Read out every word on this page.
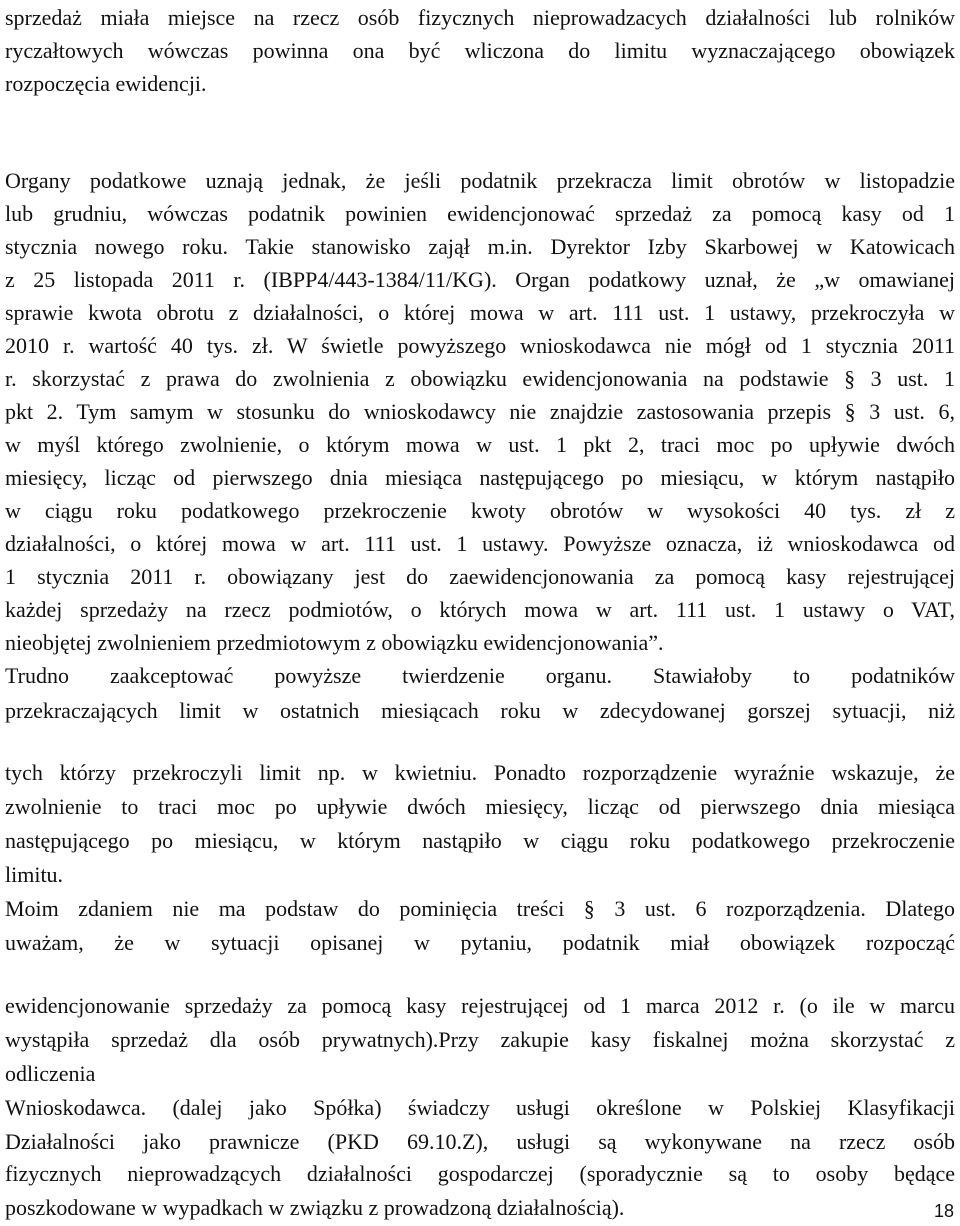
sprzedaż miała miejsce na rzecz osób fizycznych nieprowadzacych działalności lub rolników
ryczałtowych wówczas powinna ona być wliczona do limitu wyznaczającego obowiązek
rozpoczęcia ewidencji.
Organy podatkowe uznają jednak, że jeśli podatnik przekracza limit obrotów w listopadzie
lub grudniu, wówczas podatnik powinien ewidencjonować sprzedaż za pomocą kasy od 1
stycznia nowego roku. Takie stanowisko zajął m.in. Dyrektor Izby Skarbowej w Katowicach
z 25 listopada 2011 r. (IBPP4/443-1384/11/KG). Organ podatkowy uznał, że „w omawianej
sprawie kwota obrotu z działalności, o której mowa w art. 111 ust. 1 ustawy, przekroczyła w
2010 r. wartość 40 tys. zł. W świetle powyższego wnioskodawca nie mógł od 1 stycznia 2011
r. skorzystać z prawa do zwolnienia z obowiązku ewidencjonowania na podstawie § 3 ust. 1
pkt 2. Tym samym w stosunku do wnioskodawcy nie znajdzie zastosowania przepis § 3 ust. 6,
w myśl którego zwolnienie, o którym mowa w ust. 1 pkt 2, traci moc po upływie dwóch
miesięcy, licząc od pierwszego dnia miesiąca następującego po miesiącu, w którym nastąpiło
w ciągu roku podatkowego przekroczenie kwoty obrotów w wysokości 40 tys. zł z
działalności, o której mowa w art. 111 ust. 1 ustawy. Powyższe oznacza, iż wnioskodawca od
1 stycznia 2011 r. obowiązany jest do zaewidencjonowania za pomocą kasy rejestrującej
każdej sprzedaży na rzecz podmiotów, o których mowa w art. 111 ust. 1 ustawy o VAT,
nieobjętej zwolnieniem przedmiotowym z obowiązku ewidencjonowania”.
Trudno zaakceptować powyższe twierdzenie organu. Stawiałoby to podatników
przekraczających limit w ostatnich miesiącach roku w zdecydowanej gorszej sytuacji, niż
tych którzy przekroczyli limit np. w kwietniu. Ponadto rozporządzenie wyraźnie wskazuje, że
zwolnienie to traci moc po upływie dwóch miesięcy, licząc od pierwszego dnia miesiąca
następującego po miesiącu, w którym nastąpiło w ciągu roku podatkowego przekroczenie
limitu.
Moim zdaniem nie ma podstaw do pominięcia treści § 3 ust. 6 rozporządzenia. Dlatego
uważam, że w sytuacji opisanej w pytaniu, podatnik miał obowiązek rozpocząć
ewidencjonowanie sprzedaży za pomocą kasy rejestrującej od 1 marca 2012 r. (o ile w marcu
wystąpiła sprzedaż dla osób prywatnych).Przy zakupie kasy fiskalnej można skorzystać z
odliczenia
Wnioskodawca. (dalej jako Spółka) świadczy usługi określone w Polskiej Klasyfikacji
Działalności jako prawnicze (PKD 69.10.Z), usługi są wykonywane na rzecz osób
fizycznych nieprowadzących działalności gospodarczej (sporadycznie są to osoby będące
poszkodowane w wypadkach w związku z prowadzoną działalnością).	18
